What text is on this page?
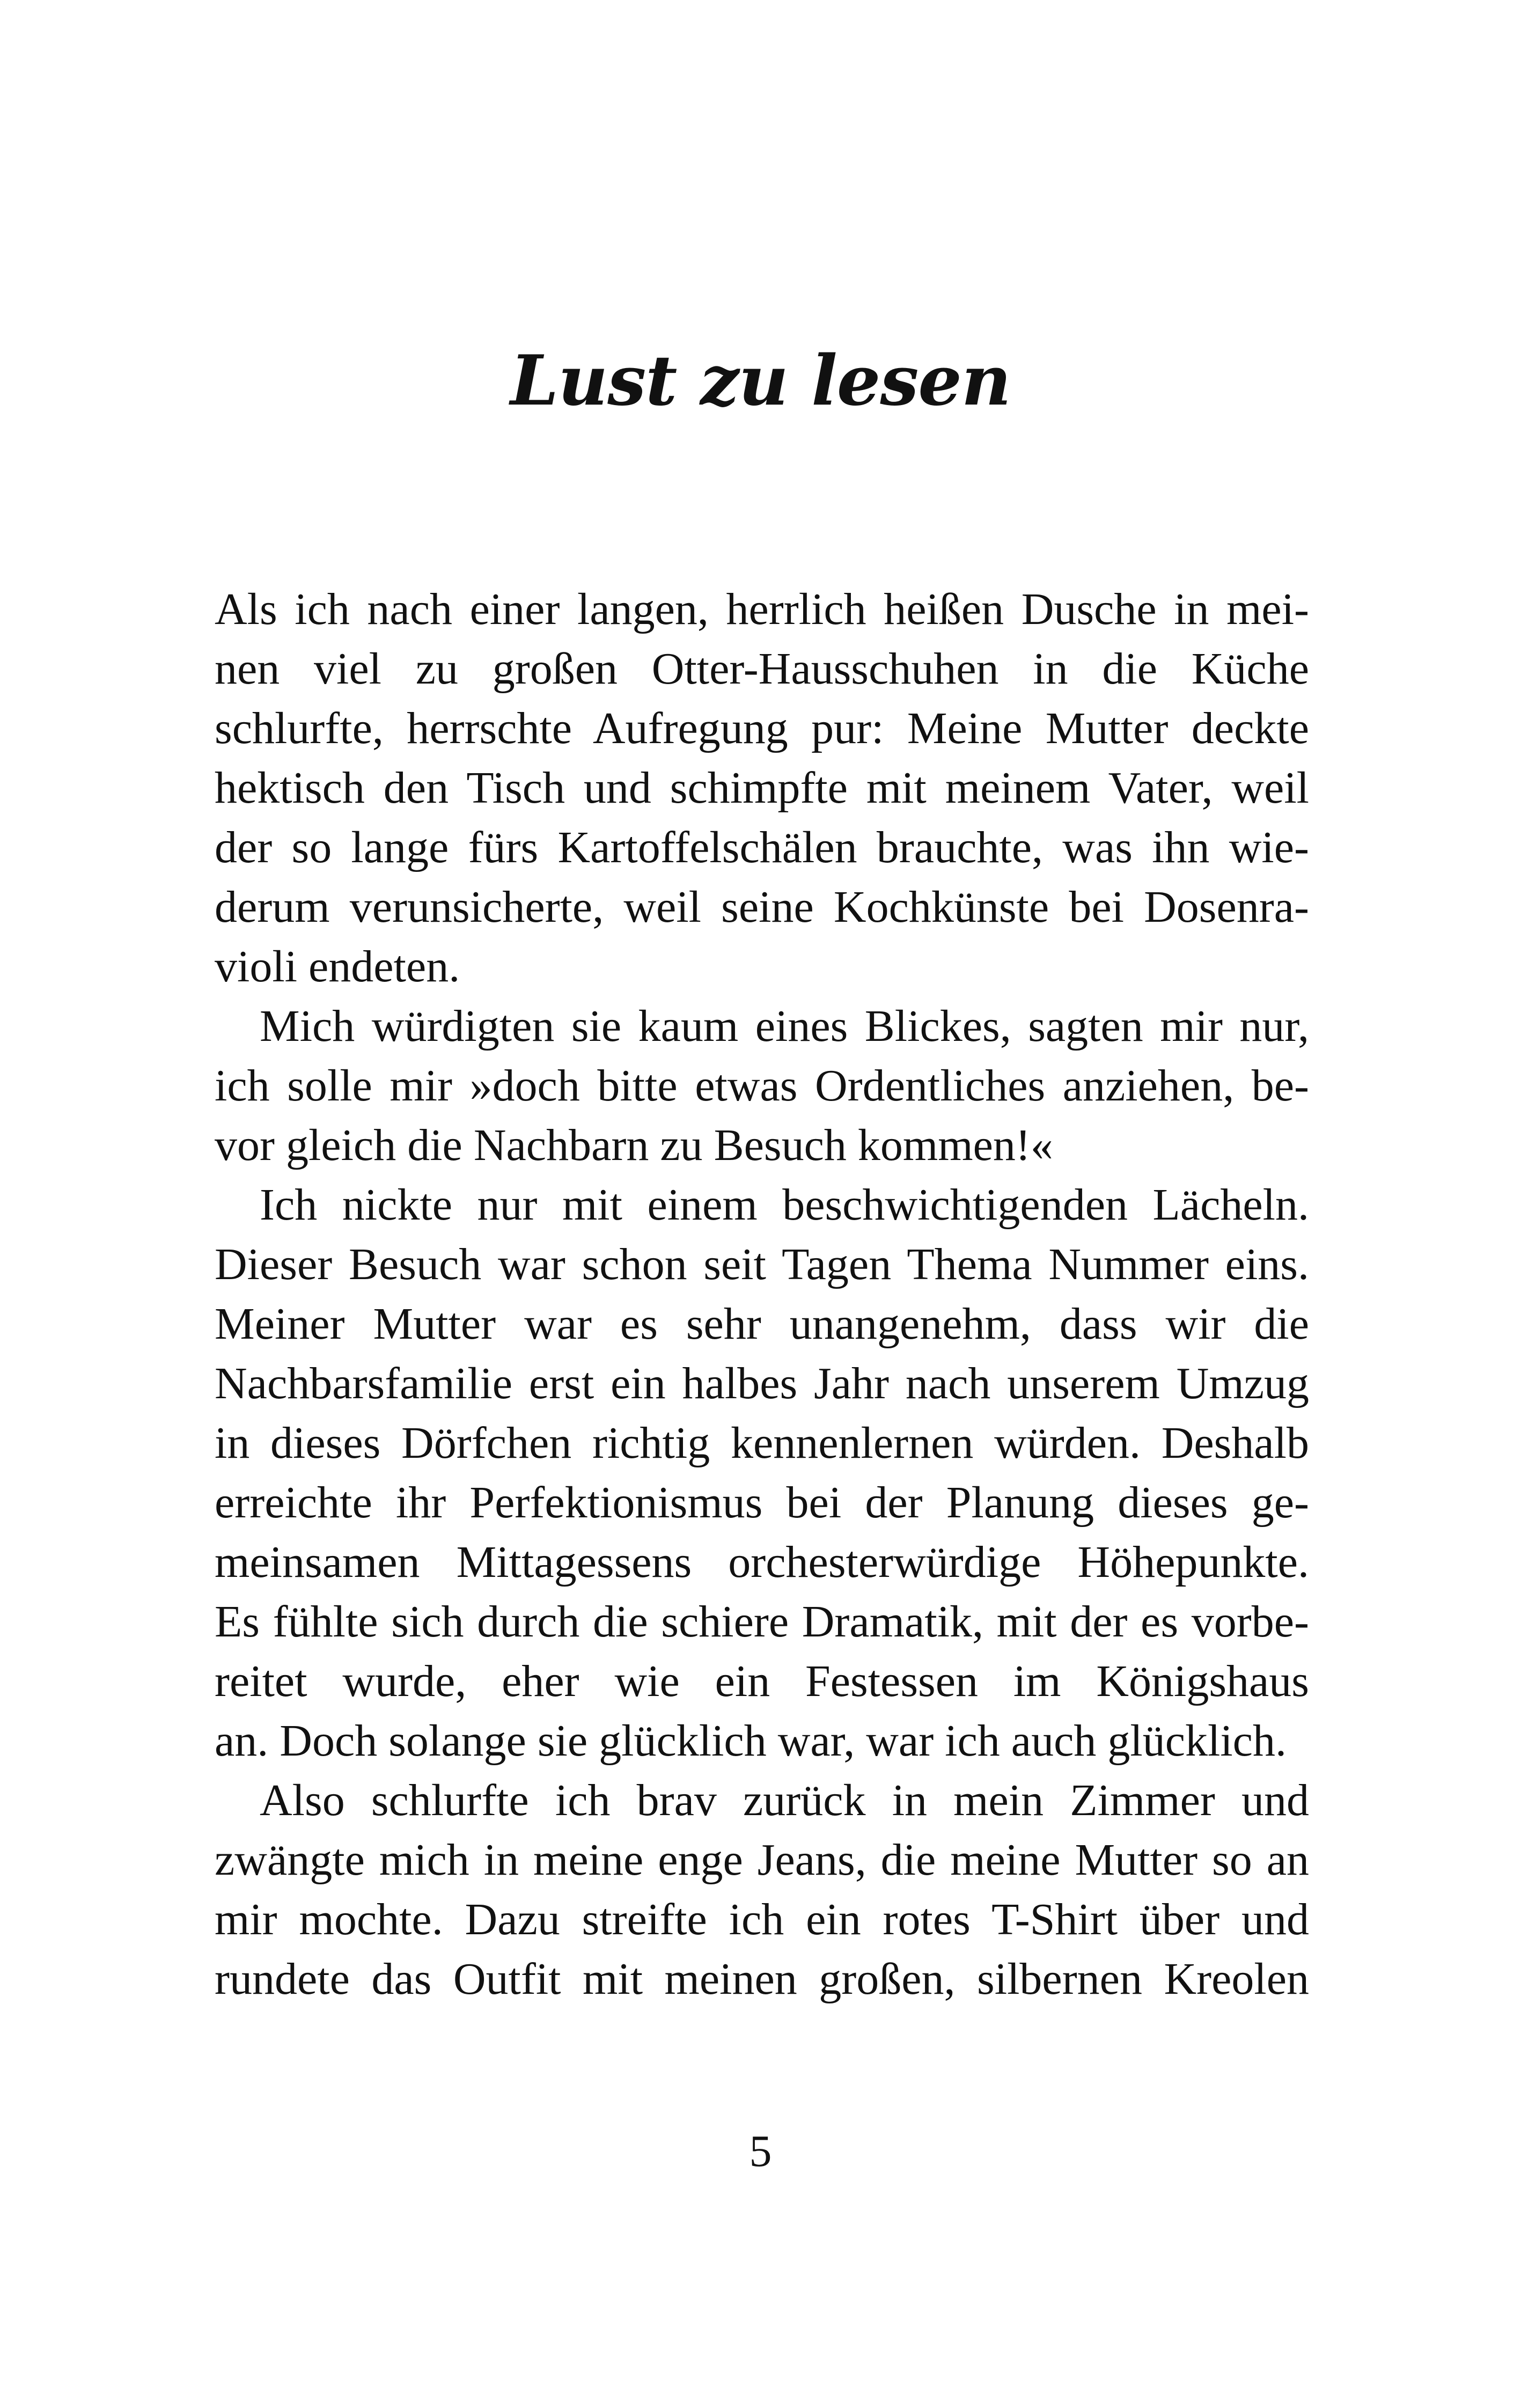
Lust zu lesen
Als ich nach einer langen, herrlich heißen Dusche in mei-
nen viel zu großen Otter-Hausschuhen in die Küche
schlurfte, herrschte Aufregung pur: Meine Mutter deckte
hektisch den Tisch und schimpfte mit meinem Vater, weil
der so lange fürs Kartoffelschälen brauchte, was ihn wie-
derum verunsicherte, weil seine Kochkünste bei Dosenra-
violi endeten.
Mich würdigten sie kaum eines Blickes, sagten mir nur,
ich solle mir »doch bitte etwas Ordentliches anziehen, be-
vor gleich die Nachbarn zu Besuch kommen!«
Ich nickte nur mit einem beschwichtigenden Lächeln.
Dieser Besuch war schon seit Tagen Thema Nummer eins.
Meiner Mutter war es sehr unangenehm, dass wir die
Nachbarsfamilie erst ein halbes Jahr nach unserem Umzug
in dieses Dörfchen richtig kennenlernen würden. Deshalb
erreichte ihr Perfektionismus bei der Planung dieses ge-
meinsamen Mittagessens orchesterwürdige Höhepunkte.
Es fühlte sich durch die schiere Dramatik, mit der es vorbe-
reitet wurde, eher wie ein Festessen im Königshaus
an. Doch solange sie glücklich war, war ich auch glücklich.
Also schlurfte ich brav zurück in mein Zimmer und
zwängte mich in meine enge Jeans, die meine Mutter so an
mir mochte. Dazu streifte ich ein rotes T-Shirt über und
rundete das Outfit mit meinen großen, silbernen Kreolen
5
